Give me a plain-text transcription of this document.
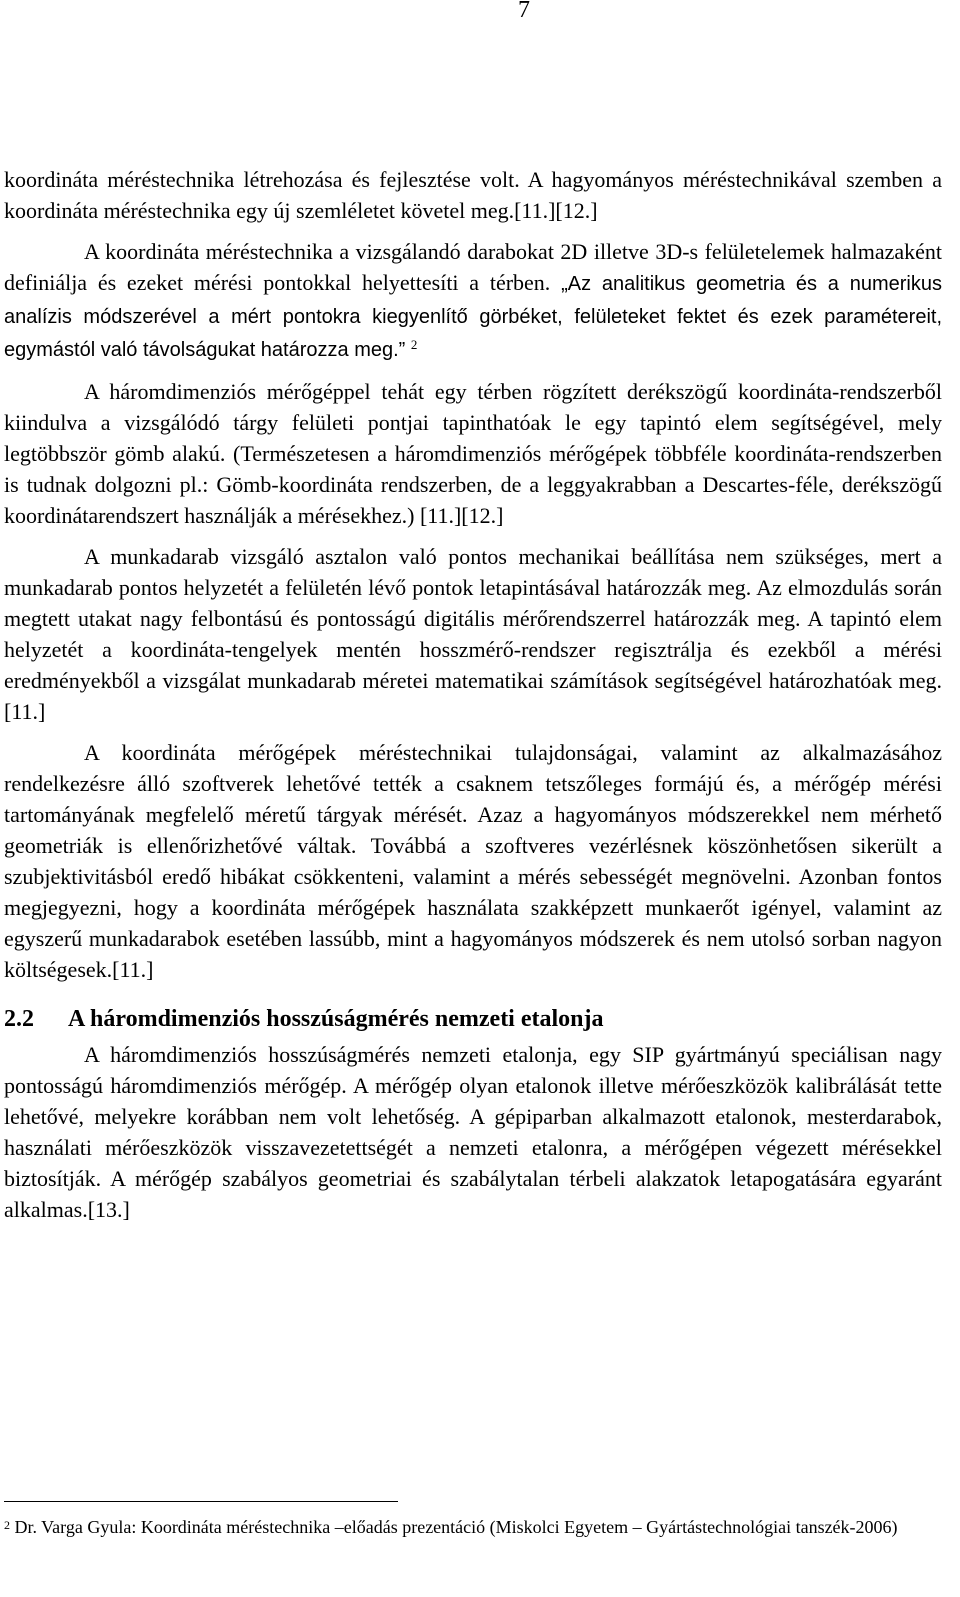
7

koordináta méréstechnika létrehozása és fejlesztése volt. A hagyományos méréstechnikával szemben a koordináta méréstechnika egy új szemléletet követel meg.[11.][12.]

A koordináta méréstechnika a vizsgálandó darabokat 2D illetve 3D-s felületelemek halmazaként definiálja és ezeket mérési pontokkal helyettesíti a térben. „Az analitikus geometria és a numerikus analízis módszerével a mért pontokra kiegyenlítő görbéket, felületeket fektet és ezek paramétereit, egymástól való távolságukat határozza meg.” $^2$

A háromdimenziós mérőgéppel tehát egy térben rögzített derékszögű koordináta-rendszerből kiindulva a vizsgálódó tárgy felületi pontjai tapinthatóak le egy tapintó elem segítségével, mely legtöbbször gömb alakú. (Természetesen a háromdimenziós mérőgépek többféle koordináta-rendszerben is tudnak dolgozni pl.: Gömb-koordináta rendszerben, de a leggyakrabban a Descartes-féle, derékszögű koordinátarendszert használják a mérésekhez.) [11.][12.]

A munkadarab vizsgáló asztalon való pontos mechanikai beállítása nem szükséges, mert a munkadarab pontos helyzetét a felületén lévő pontok letapintásával határozzák meg. Az elmozdulás során megtett utakat nagy felbontású és pontosságú digitális mérőrendszerrel határozzák meg. A tapintó elem helyzetét a koordináta-tengelyek mentén hosszmérő-rendszer regisztrálja és ezekből a mérési eredményekből a vizsgálat munkadarab méretei matematikai számítások segítségével határozhatóak meg.[11.]

A koordináta mérőgépek méréstechnikai tulajdonságai, valamint az alkalmazásához rendelkezésre álló szoftverek lehetővé tették a csaknem tetszőleges formájú és, a mérőgép mérési tartományának megfelelő méretű tárgyak mérését. Azaz a hagyományos módszerekkel nem mérhető geometriák is ellenőrizhetővé váltak. Továbbá a szoftveres vezérlésnek köszönhetősen sikerült a szubjektivitásból eredő hibákat csökkenteni, valamint a mérés sebességét megnövelni. Azonban fontos megjegyezni, hogy a koordináta mérőgépek használata szakképzett munkaerőt igényel, valamint az egyszerű munkadarabok esetében lassúbb, mint a hagyományos módszerek és nem utolsó sorban nagyon költségesek.[11.]

2.2 A háromdimenziós hosszúságmérés nemzeti etalonja

A háromdimenziós hosszúságmérés nemzeti etalonja, egy SIP gyártmányú speciálisan nagy pontosságú háromdimenziós mérőgép. A mérőgép olyan etalonok illetve mérőeszközök kalibrálását tette lehetővé, melyekre korábban nem volt lehetőség. A gépiparban alkalmazott etalonok, mesterdarabok, használati mérőeszközök visszavezetettségét a nemzeti etalonra, a mérőgépen végezett mérésekkel biztosítják. A mérőgép szabályos geometriai és szabálytalan térbeli alakzatok letapogatására egyaránt alkalmas.[13.]

$^2$ Dr. Varga Gyula: Koordináta méréstechnika –előadás prezentáció (Miskolci Egyetem – Gyártástechnológiai tanszék-2006)
